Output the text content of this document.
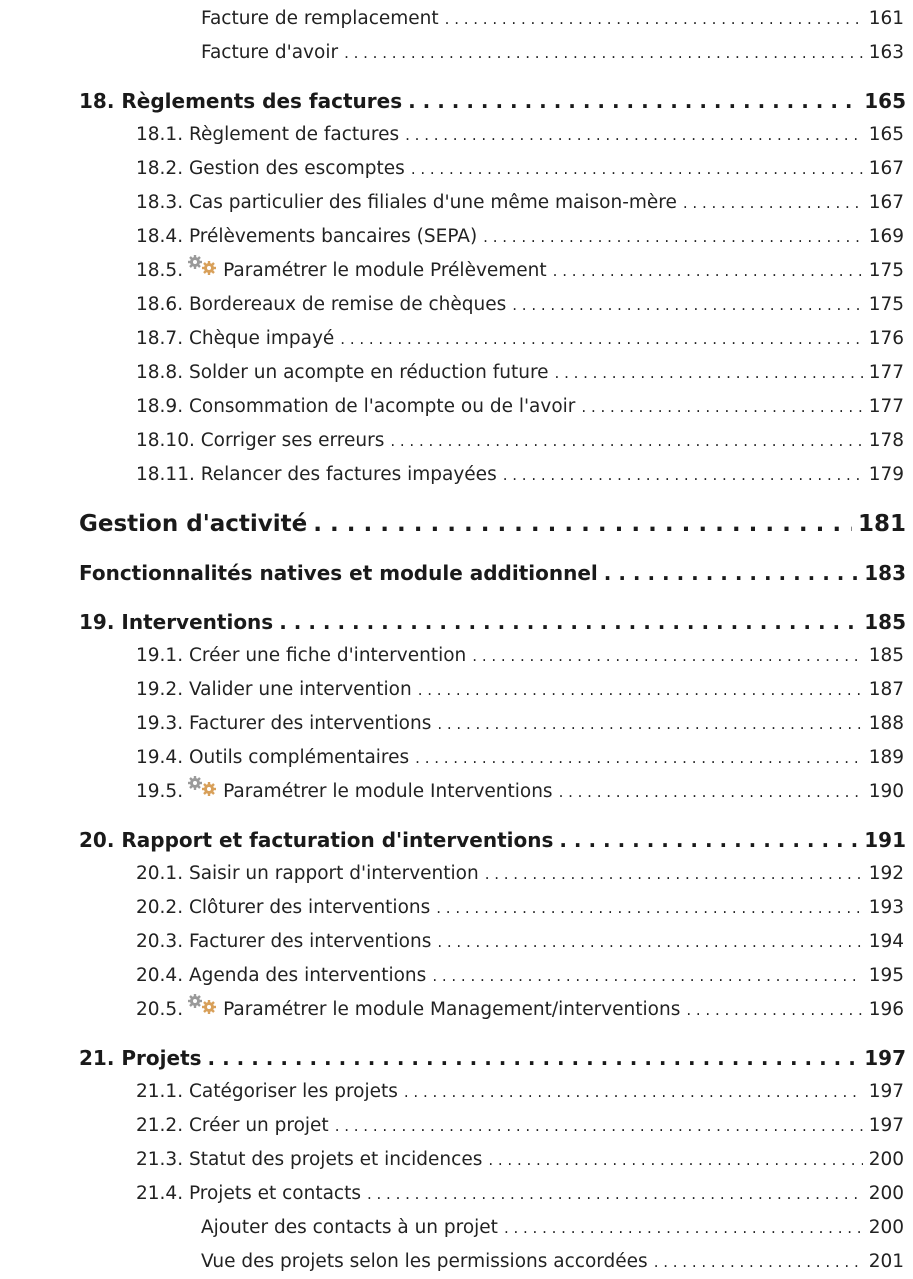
Facture de remplacement . . .	161
Facture d'avoir . . .	163
18. Règlements des factures . . .	165
18.1. Règlement de factures . . .	165
18.2. Gestion des escomptes . . .	167
18.3. Cas particulier des filiales d'une même maison-mère . . .	167
18.4. Prélèvements bancaires (SEPA) . . .	169
18.5. Paramétrer le module Prélèvement . . .	175
18.6. Bordereaux de remise de chèques . . .	175
18.7. Chèque impayé . . .	176
18.8. Solder un acompte en réduction future . . .	177
18.9. Consommation de l'acompte ou de l'avoir . . .	177
18.10. Corriger ses erreurs . . .	178
18.11. Relancer des factures impayées . . .	179
Gestion d'activité . . .	181
Fonctionnalités natives et module additionnel . . .	183
19. Interventions . . .	185
19.1. Créer une fiche d'intervention . . .	185
19.2. Valider une intervention . . .	187
19.3. Facturer des interventions . . .	188
19.4. Outils complémentaires . . .	189
19.5. Paramétrer le module Interventions . . .	190
20. Rapport et facturation d'interventions . . .	191
20.1. Saisir un rapport d'intervention . . .	192
20.2. Clôturer des interventions . . .	193
20.3. Facturer des interventions . . .	194
20.4. Agenda des interventions . . .	195
20.5. Paramétrer le module Management/interventions . . .	196
21. Projets . . .	197
21.1. Catégoriser les projets . . .	197
21.2. Créer un projet . . .	197
21.3. Statut des projets et incidences . . .	200
21.4. Projets et contacts . . .	200
Ajouter des contacts à un projet . . .	200
Vue des projets selon les permissions accordées . . .	201
